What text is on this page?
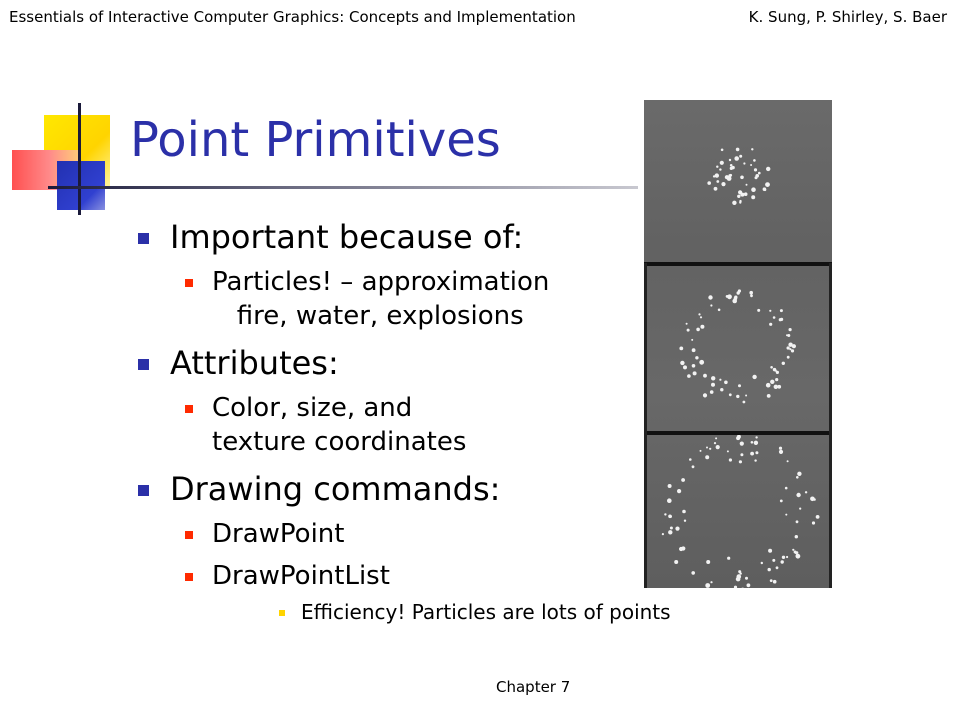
Essentials of Interactive Computer Graphics: Concepts and Implementation	K. Sung, P. Shirley, S. Baer
Point Primitives
Important because of:
Particles! – approximation
fire, water, explosions
Attributes:
Color, size, and
texture coordinates
Drawing commands:
DrawPoint
DrawPointList
Efficiency! Particles are lots of points
Chapter 7
